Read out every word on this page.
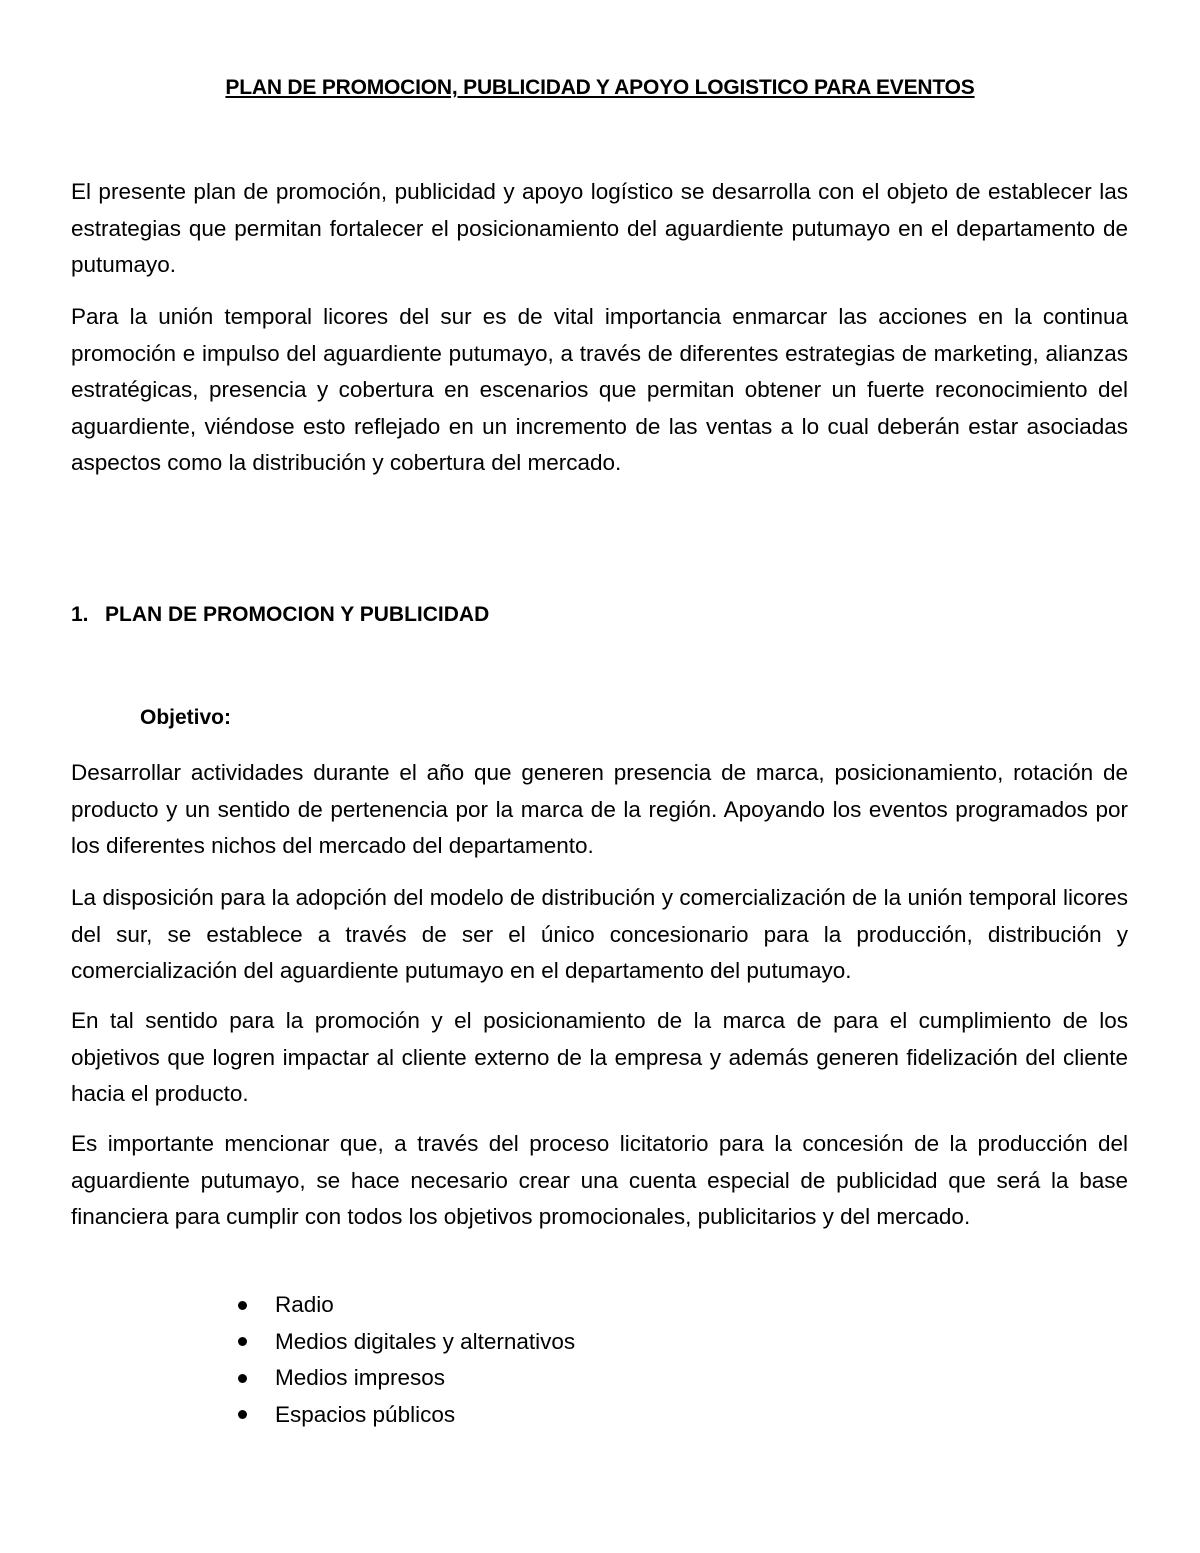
PLAN DE PROMOCION, PUBLICIDAD Y APOYO LOGISTICO PARA EVENTOS

El presente plan de promoción, publicidad y apoyo logístico se desarrolla con el objeto de establecer las estrategias que permitan fortalecer el posicionamiento del aguardiente putumayo en el departamento de putumayo.

Para la unión temporal licores del sur es de vital importancia enmarcar las acciones en la continua promoción e impulso del aguardiente putumayo, a través de diferentes estrategias de marketing, alianzas estratégicas, presencia y cobertura en escenarios que permitan obtener un fuerte reconocimiento del aguardiente, viéndose esto reflejado en un incremento de las ventas a lo cual deberán estar asociadas aspectos como la distribución y cobertura del mercado.

1. PLAN DE PROMOCION Y PUBLICIDAD
Objetivo:

Desarrollar actividades durante el año que generen presencia de marca, posicionamiento, rotación de producto y un sentido de pertenencia por la marca de la región. Apoyando los eventos programados por los diferentes nichos del mercado del departamento.

La disposición para la adopción del modelo de distribución y comercialización de la unión temporal licores del sur, se establece a través de ser el único concesionario para la producción, distribución y comercialización del aguardiente putumayo en el departamento del putumayo.

En tal sentido para la promoción y el posicionamiento de la marca de para el cumplimiento de los objetivos que logren impactar al cliente externo de la empresa y además generen fidelización del cliente hacia el producto.

Es importante mencionar que, a través del proceso licitatorio para la concesión de la producción del aguardiente putumayo, se hace necesario crear una cuenta especial de publicidad que será la base financiera para cumplir con todos los objetivos promocionales, publicitarios y del mercado.

Radio
Medios digitales y alternativos
Medios impresos
Espacios públicos
